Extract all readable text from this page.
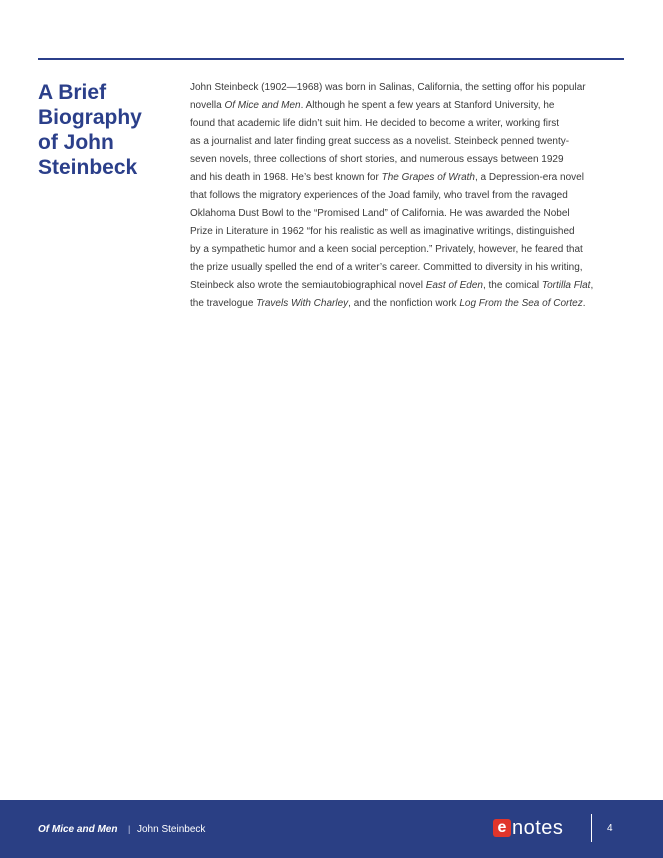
A Brief
Biography
of John
Steinbeck
John Steinbeck (1902—1968) was born in Salinas, California, the setting offor his popular
novella Of Mice and Men. Although he spent a few years at Stanford University, he
found that academic life didn’t suit him. He decided to become a writer, working first
as a journalist and later finding great success as a novelist. Steinbeck penned twenty-
seven novels, three collections of short stories, and numerous essays between 1929
and his death in 1968. He’s best known for The Grapes of Wrath, a Depression-era novel
that follows the migratory experiences of the Joad family, who travel from the ravaged
Oklahoma Dust Bowl to the “Promised Land” of California. He was awarded the Nobel
Prize in Literature in 1962 “for his realistic as well as imaginative writings, distinguished
by a sympathetic humor and a keen social perception.” Privately, however, he feared that
the prize usually spelled the end of a writer’s career. Committed to diversity in his writing,
Steinbeck also wrote the semiautobiographical novel East of Eden, the comical Tortilla Flat,
the travelogue Travels With Charley, and the nonfiction work Log From the Sea of Cortez.
Of Mice and Men | John Steinbeck	e notes	4
